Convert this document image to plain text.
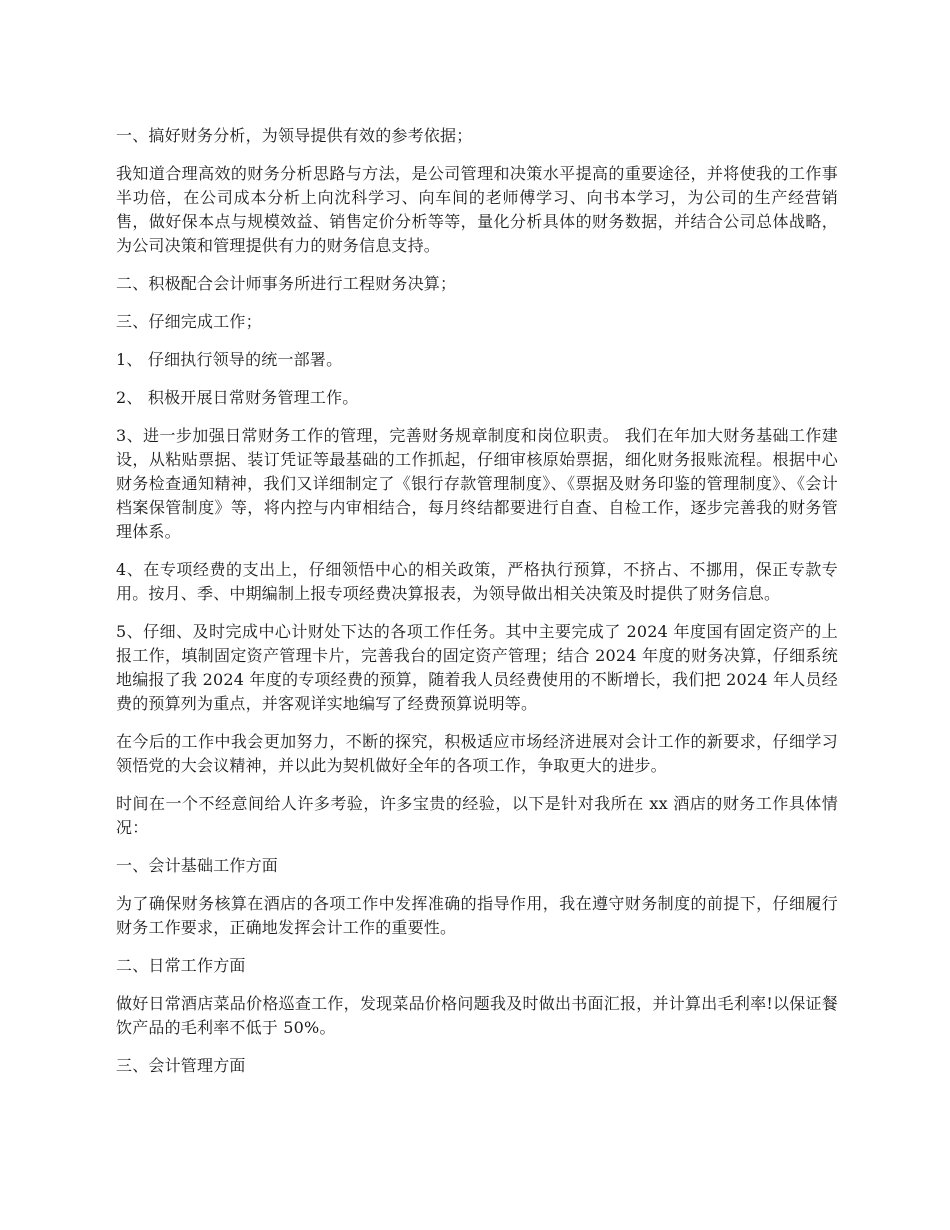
一、搞好财务分析，为领导提供有效的参考依据；

我知道合理高效的财务分析思路与方法，是公司管理和决策水平提高的重要途径，并将使我的工作事半功倍，在公司成本分析上向沈科学习、向车间的老师傅学习、向书本学习，为公司的生产经营销售，做好保本点与规模效益、销售定价分析等等，量化分析具体的财务数据，并结合公司总体战略，为公司决策和管理提供有力的财务信息支持。

二、积极配合会计师事务所进行工程财务决算；

三、仔细完成工作；

1、 仔细执行领导的统一部署。

2、 积极开展日常财务管理工作。

3、进一步加强日常财务工作的管理，完善财务规章制度和岗位职责。 我们在年加大财务基础工作建设，从粘贴票据、装订凭证等最基础的工作抓起，仔细审核原始票据，细化财务报账流程。根据中心财务检查通知精神，我们又详细制定了《银行存款管理制度》、《票据及财务印鉴的管理制度》、《会计档案保管制度》等，将内控与内审相结合，每月终结都要进行自查、自检工作，逐步完善我的财务管理体系。

4、在专项经费的支出上，仔细领悟中心的相关政策，严格执行预算，不挤占、不挪用，保正专款专用。按月、季、中期编制上报专项经费决算报表，为领导做出相关决策及时提供了财务信息。

5、仔细、及时完成中心计财处下达的各项工作任务。其中主要完成了 2024 年度国有固定资产的上报工作，填制固定资产管理卡片，完善我台的固定资产管理；结合 2024 年度的财务决算，仔细系统地编报了我 2024 年度的专项经费的预算，随着我人员经费使用的不断增长，我们把 2024 年人员经费的预算列为重点，并客观详实地编写了经费预算说明等。

在今后的工作中我会更加努力，不断的探究，积极适应市场经济进展对会计工作的新要求，仔细学习领悟党的大会议精神，并以此为契机做好全年的各项工作，争取更大的进步。

时间在一个不经意间给人许多考验，许多宝贵的经验，以下是针对我所在 xx 酒店的财务工作具体情况：

一、会计基础工作方面

为了确保财务核算在酒店的各项工作中发挥准确的指导作用，我在遵守财务制度的前提下，仔细履行财务工作要求，正确地发挥会计工作的重要性。

二、日常工作方面

做好日常酒店菜品价格巡查工作，发现菜品价格问题我及时做出书面汇报，并计算出毛利率!以保证餐饮产品的毛利率不低于 50%。

三、会计管理方面
